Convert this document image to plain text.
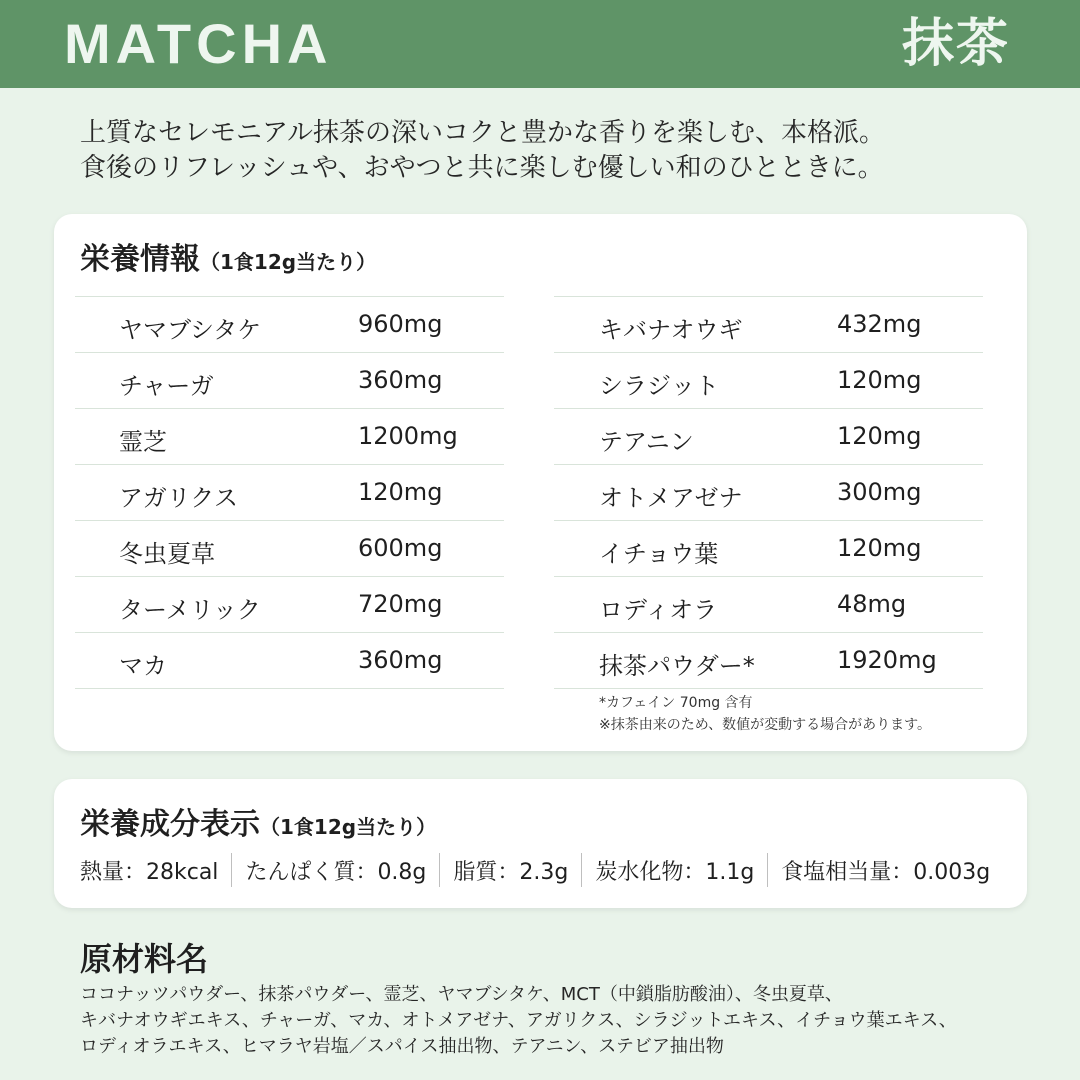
MATCHA	抹茶
上質なセレモニアル抹茶の深いコクと豊かな香りを楽しむ、本格派。
食後のリフレッシュや、おやつと共に楽しむ優しい和のひとときに。
栄養情報（1食12g当たり）
ヤマブシタケ	960mg
チャーガ	360mg
霊芝	1200mg
アガリクス	120mg
冬虫夏草	600mg
ターメリック	720mg
マカ	360mg
キバナオウギ	432mg
シラジット	120mg
テアニン	120mg
オトメアゼナ	300mg
イチョウ葉	120mg
ロディオラ	48mg
抹茶パウダー*	1920mg
*カフェイン 70mg 含有
※抹茶由来のため、数値が変動する場合があります。
栄養成分表示（1食12g当たり）
熱量：28kcal	たんぱく質：0.8g	脂質：2.3g	炭水化物：1.1g	食塩相当量：0.003g
原材料名
ココナッツパウダー、抹茶パウダー、霊芝、ヤマブシタケ、MCT（中鎖脂肪酸油）、冬虫夏草、
キバナオウギエキス、チャーガ、マカ、オトメアゼナ、アガリクス、シラジットエキス、イチョウ葉エキス、
ロディオラエキス、ヒマラヤ岩塩／スパイス抽出物、テアニン、ステビア抽出物
